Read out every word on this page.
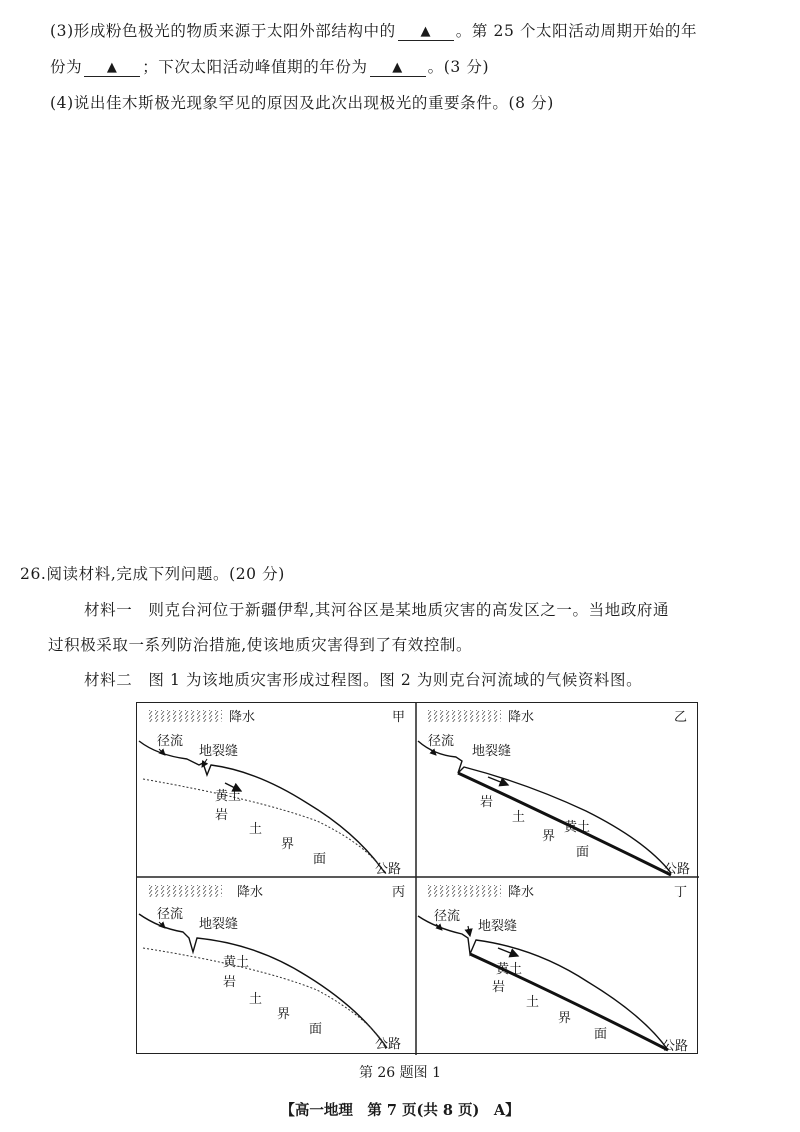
(3)形成粉色极光的物质来源于太阳外部结构中的 ▲ 。第 25 个太阳活动周期开始的年
份为 ▲ ；下次太阳活动峰值期的年份为 ▲ 。(3 分)
(4)说出佳木斯极光现象罕见的原因及此次出现极光的重要条件。(8 分)
26.阅读材料,完成下列问题。(20 分)
材料一　则克台河位于新疆伊犁,其河谷区是某地质灾害的高发区之一。当地政府通
过积极采取一系列防治措施,使该地质灾害得到了有效控制。
材料二　图 1 为该地质灾害形成过程图。图 2 为则克台河流域的气候资料图。
降水	甲
径流
地裂缝
黄土
岩
土
界
面
公路
降水	乙
径流
地裂缝
岩
土
黄土
界
面
公路
降水	丙
径流
地裂缝
黄土
岩
土
界
面
公路
降水	丁
径流
地裂缝
黄土
岩
土
界
面
公路
第 26 题图 1
【高一地理　第 7 页(共 8 页)　A】
